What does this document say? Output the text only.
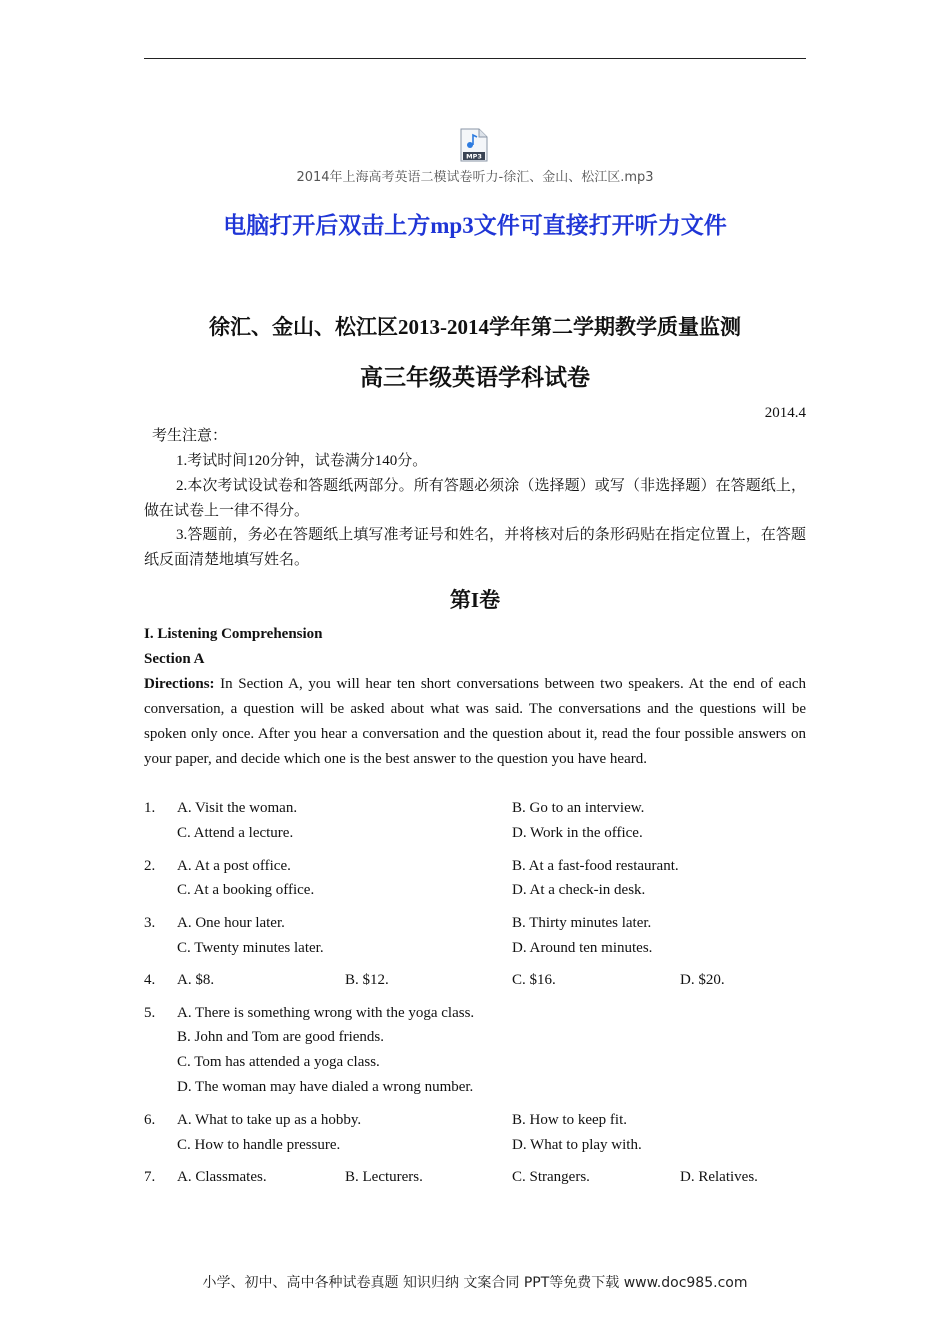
MP3
2014年上海高考英语二模试卷听力-徐汇、金山、松江区.mp3
电脑打开后双击上方mp3文件可直接打开听力文件
徐汇、金山、松江区2013-2014学年第二学期教学质量监测
高三年级英语学科试卷
2014.4
考生注意：
1.考试时间120分钟，试卷满分140分。
2.本次考试设试卷和答题纸两部分。所有答题必须涂（选择题）或写（非选择题）在答题纸上，做在试卷上一律不得分。
3.答题前，务必在答题纸上填写准考证号和姓名，并将核对后的条形码贴在指定位置上，在答题纸反面清楚地填写姓名。
第I卷
I. Listening Comprehension
Section A
Directions: In Section A, you will hear ten short conversations between two speakers. At the end of each conversation, a question will be asked about what was said. The conversations and the questions will be spoken only once. After you hear a conversation and the question about it, read the four possible answers on your paper, and decide which one is the best answer to the question you have heard.
1. A. Visit the woman.	B. Go to an interview.
C. Attend a lecture.	D. Work in the office.
2. A. At a post office.	B. At a fast-food restaurant.
C. At a booking office.	D. At a check-in desk.
3. A. One hour later.	B. Thirty minutes later.
C. Twenty minutes later.	D. Around ten minutes.
4. A. $8.	B. $12.	C. $16.	D. $20.
5. A. There is something wrong with the yoga class.
B. John and Tom are good friends.
C. Tom has attended a yoga class.
D. The woman may have dialed a wrong number.
6. A. What to take up as a hobby.	B. How to keep fit.
C. How to handle pressure.	D. What to play with.
7. A. Classmates.	B. Lecturers.	C. Strangers.	D. Relatives.
小学、初中、高中各种试卷真题 知识归纳 文案合同 PPT等免费下载 www.doc985.com
